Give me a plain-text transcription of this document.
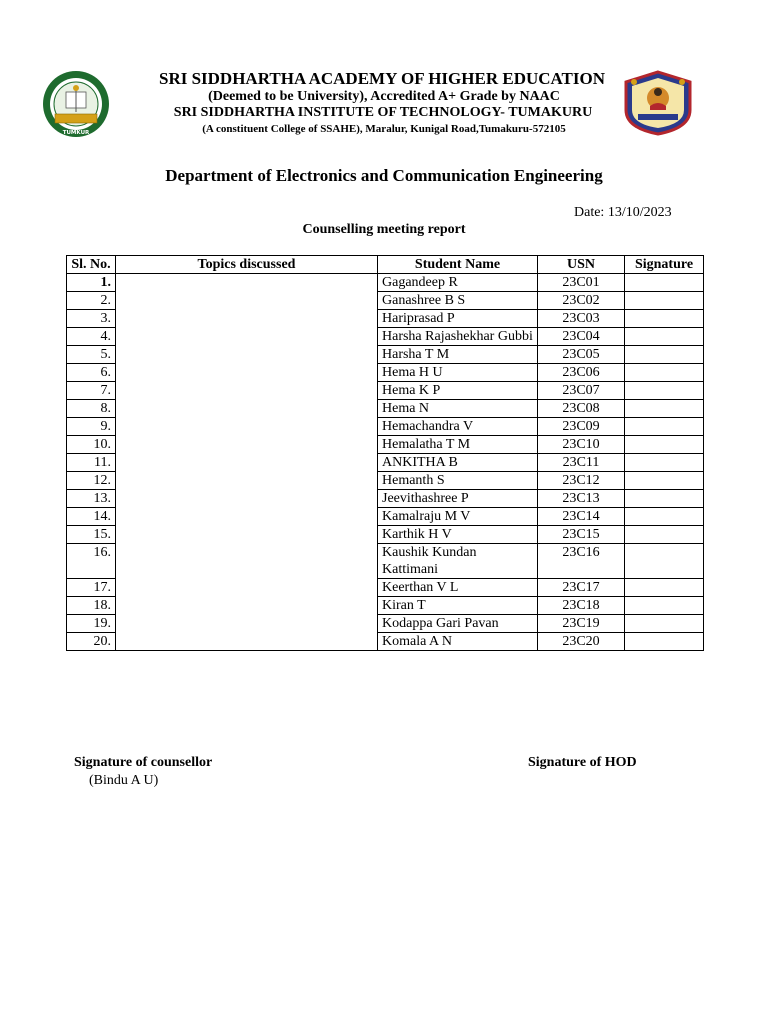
TUMKUR
SRI SIDDHARTHA ACADEMY OF HIGHER EDUCATION
(Deemed to be University), Accredited A+ Grade by NAAC
SRI SIDDHARTHA INSTITUTE OF TECHNOLOGY- TUMAKURU
(A constituent College of SSAHE), Maralur, Kunigal Road,Tumakuru-572105
Department of Electronics and Communication Engineering
Date: 13/10/2023
Counselling meeting report
Sl. No.	Topics discussed	Student Name	USN	Signature
1.		Gagandeep R	23C01	
2.		Ganashree B S	23C02	
3.		Hariprasad P	23C03	
4.		Harsha Rajashekhar Gubbi	23C04	
5.		Harsha T M	23C05	
6.		Hema H U	23C06	
7.		Hema K P	23C07	
8.		Hema N	23C08	
9.		Hemachandra V	23C09	
10.		Hemalatha T M	23C10	
11.		ANKITHA B	23C11	
12.		Hemanth S	23C12	
13.		Jeevithashree P	23C13	
14.		Kamalraju M V	23C14	
15.		Karthik H V	23C15	
16.		Kaushik Kundan Kattimani	23C16	
17.		Keerthan V L	23C17	
18.		Kiran T	23C18	
19.		Kodappa Gari Pavan	23C19	
20.		Komala A N	23C20	
Signature of counsellor
(Bindu A U)
Signature of HOD
